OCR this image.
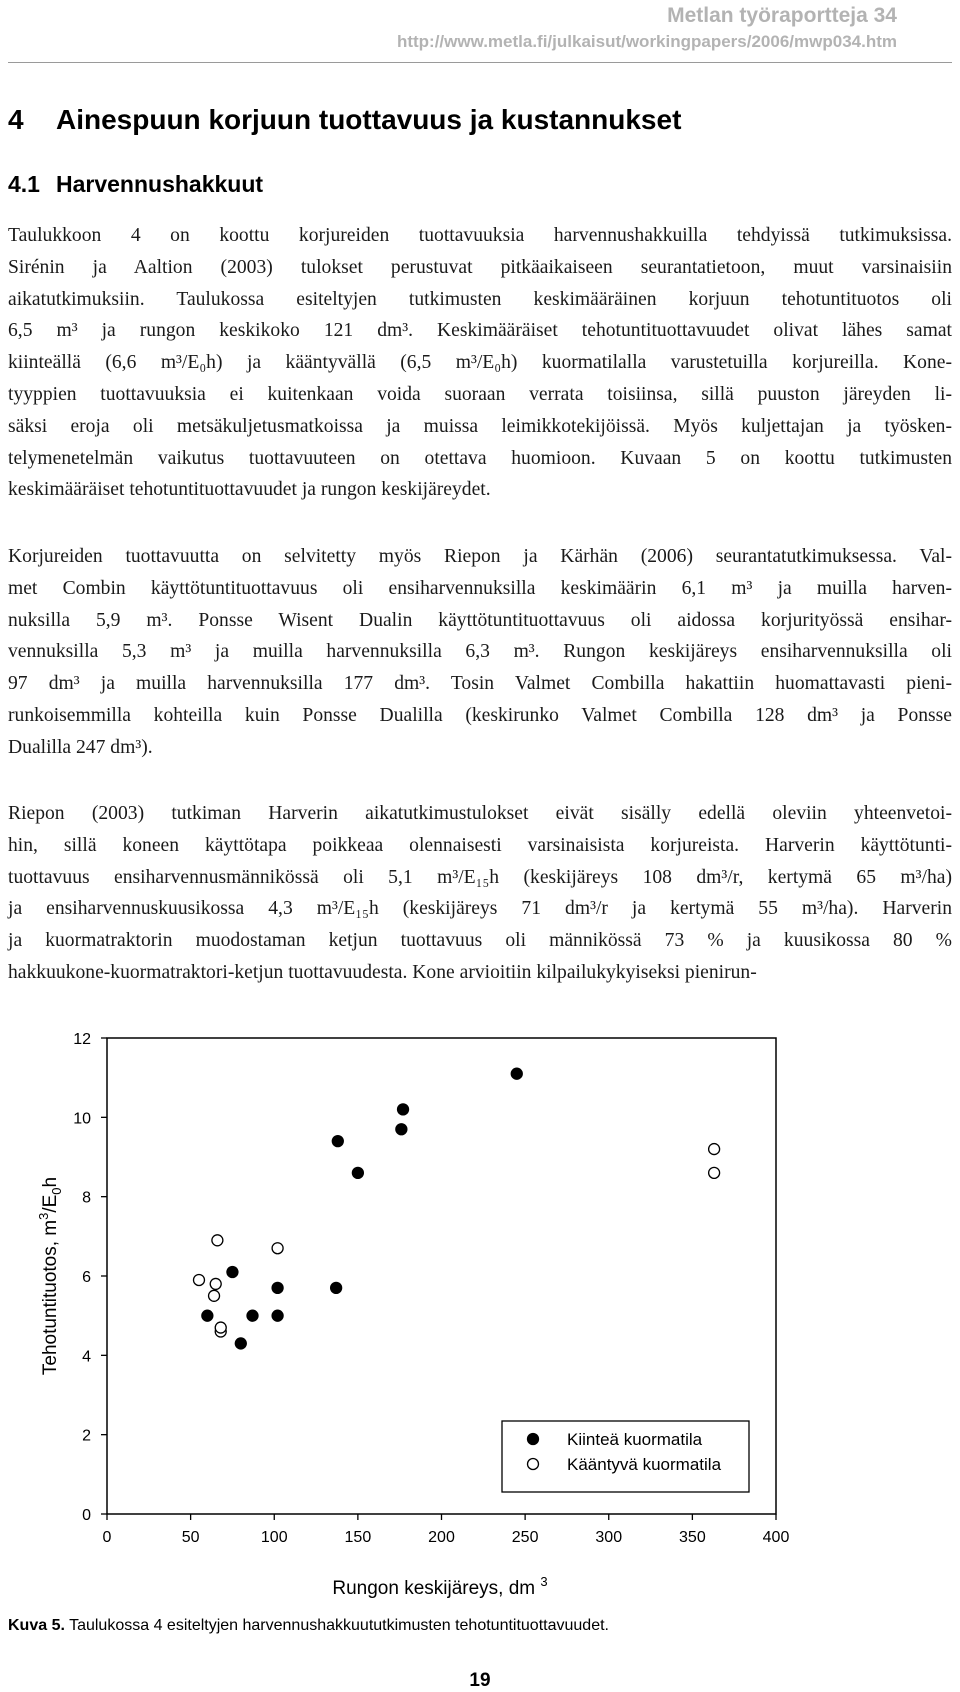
Metlan työraportteja 34
http://www.metla.fi/julkaisut/workingpapers/2006/mwp034.htm
4 Ainespuun korjuun tuottavuus ja kustannukset
4.1 Harvennushakkuut
Taulukkoon 4 on koottu korjureiden tuottavuuksia harvennushakkuilla tehdyissä tutkimuksissa.
Sirénin ja Aaltion (2003) tulokset perustuvat pitkäaikaiseen seurantatietoon, muut varsinaisiin
aikatutkimuksiin. Taulukossa esiteltyjen tutkimusten keskimääräinen korjuun tehotuntituotos oli
6,5 m³ ja rungon keskikoko 121 dm³. Keskimääräiset tehotuntituottavuudet olivat lähes samat
kiinteällä (6,6 m³/E₀h) ja kääntyvällä (6,5 m³/E₀h) kuormatilalla varustetuilla korjureilla. Kone-
tyyppien tuottavuuksia ei kuitenkaan voida suoraan verrata toisiinsa, sillä puuston järeyden li-
säksi eroja oli metsäkuljetusmatkoissa ja muissa leimikkotekijöissä. Myös kuljettajan ja työsken-
telymenetelmän vaikutus tuottavuuteen on otettava huomioon. Kuvaan 5 on koottu tutkimusten
keskimääräiset tehotuntituottavuudet ja rungon keskijäreydet.
Korjureiden tuottavuutta on selvitetty myös Riepon ja Kärhän (2006) seurantatutkimuksessa. Val-
met Combin käyttötuntituottavuus oli ensiharvennuksilla keskimäärin 6,1 m³ ja muilla harven-
nuksilla 5,9 m³. Ponsse Wisent Dualin käyttötuntituottavuus oli aidossa korjurityössä ensihar-
vennuksilla 5,3 m³ ja muilla harvennuksilla 6,3 m³. Rungon keskijäreys ensiharvennuksilla oli
97 dm³ ja muilla harvennuksilla 177 dm³. Tosin Valmet Combilla hakattiin huomattavasti pieni-
runkoisemmilla kohteilla kuin Ponsse Dualilla (keskirunko Valmet Combilla 128 dm³ ja Ponsse
Dualilla 247 dm³).
Riepon (2003) tutkiman Harverin aikatutkimustulokset eivät sisälly edellä oleviin yhteenvetoi-
hin, sillä koneen käyttötapa poikkeaa olennaisesti varsinaisista korjureista. Harverin käyttötunti-
tuottavuus ensiharvennusmännikössä oli 5,1 m³/E₁₅h (keskijäreys 108 dm³/r, kertymä 65 m³/ha)
ja ensiharvennuskuusikossa 4,3 m³/E₁₅h (keskijäreys 71 dm³/r ja kertymä 55 m³/ha). Harverin
ja kuormatraktorin muodostaman ketjun tuottavuus oli männikössä 73 % ja kuusikossa 80 %
hakkuukone-kuormatraktori-ketjun tuottavuudesta. Kone arvioitiin kilpailukykyiseksi pienirun-
0	50	100	150	200	250	300	350	400
0
2
4
6
8
10
12
Rungon keskijäreys, dm $^3$
Tehotuntituotos, $m^3/E_0h$
Kiinteä kuormatila
Kääntyvä kuormatila
Kuva 5. Taulukossa 4 esiteltyjen harvennushakkuututkimusten tehotuntituottavuudet.
19
